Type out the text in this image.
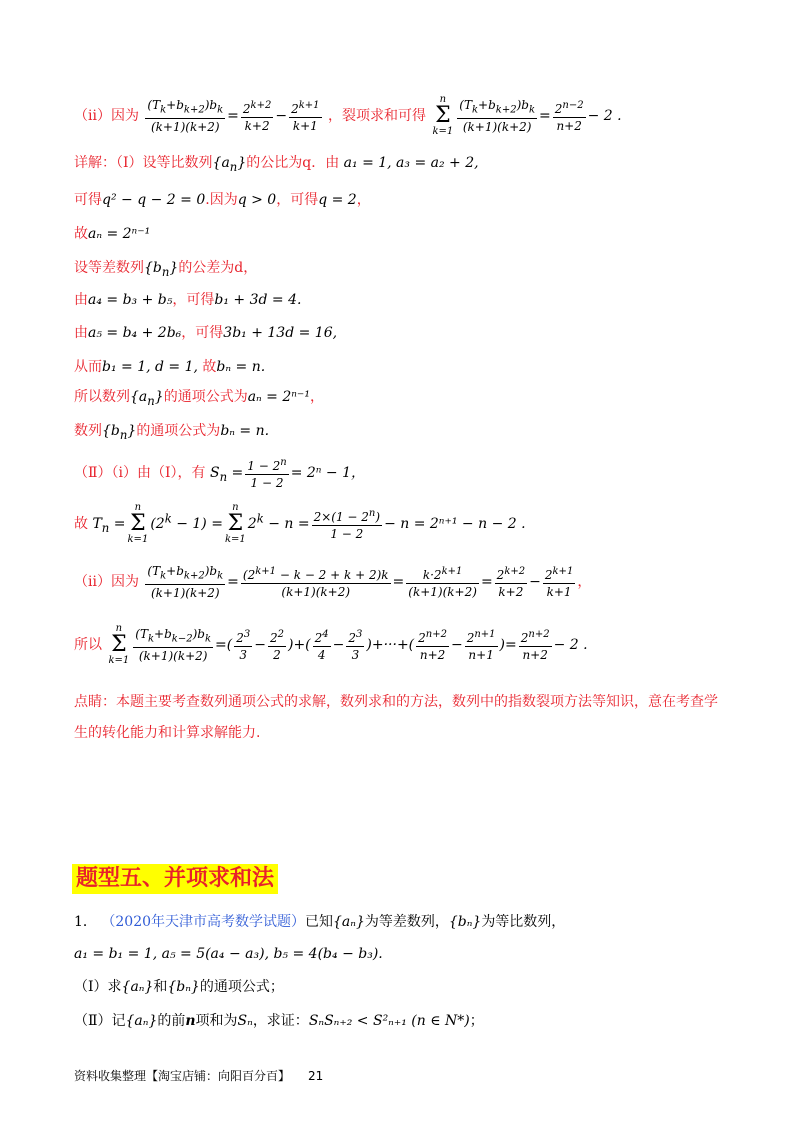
（ⅱ）因为 $\frac{(T_k+b_{k+2})b_k}{(k+1)(k+2)} = \frac{2^{k+2}}{k+2} - \frac{2^{k+1}}{k+1}$ ，裂项求和可得 n
Σ
$k=1 \frac{(T_k+b_{k+2})b_k}{(k+1)(k+2)} = \frac{2^{n-2}}{n+2} - 2$ .
详解：（Ⅰ）设等比数列$\{a_n\}$的公比为q．由 a₁ = 1, a₃ = a₂ + 2,
可得q² − q − 2 = 0.因为q > 0，可得q = 2，
故aₙ = 2ⁿ⁻¹
设等差数列$\{b_n\}$的公差为d，
由a₄ = b₃ + b₅，可得b₁ + 3d = 4.
由a₅ = b₄ + 2b₆，可得3b₁ + 13d = 16,
从而b₁ = 1, d = 1, 故bₙ = n.
所以数列$\{a_n\}$的通项公式为aₙ = 2ⁿ⁻¹，
数列$\{b_n\}$的通项公式为bₙ = n.
（Ⅱ）（ⅰ）由（Ⅰ），有 $S_n = \frac{1 - 2^n}{1 - 2} = 2^n - 1$，
故 $T_n =n$
Σ
$k=1(2^k - 1) =n$
Σ
$k=12^k - n = \frac{2\times(1 - 2^n)}{1 - 2} - n = 2^{n+1} - n - 2$ .
（ⅱ）因为 $\frac{(T_k+b_{k+2})b_k}{(k+1)(k+2)} = \frac{(2^{k+1} - k - 2 + k + 2)k}{(k+1)(k+2)} = \frac{k\cdot 2^{k+1}}{(k+1)(k+2)} = \frac{2^{k+2}}{k+2} - \frac{2^{k+1}}{k+1}$ ，
所以 n
Σ
$k=1 \frac{(T_k+b_{k-2})b_k}{(k+1)(k+2)}$ =( $\frac{2^3}{3} - \frac{2^2}{2}$ )+( $\frac{2^4}{4} - \frac{2^3}{3}$ )+···+( $\frac{2^{n+2}}{n+2} - \frac{2^{n+1}}{n+1}$ )= $\frac{2^{n+2}}{n+2} - 2$ .
点睛：本题主要考查数列通项公式的求解，数列求和的方法，数列中的指数裂项方法等知识，意在考查学
生的转化能力和计算求解能力.
题型五、并项求和法
1． （2020年天津市高考数学试题）已知{aₙ}为等差数列，{bₙ}为等比数列，
a₁ = b₁ = 1, a₅ = 5(a₄ − a₃), b₅ = 4(b₄ − b₃).
（Ⅰ）求{aₙ}和{bₙ}的通项公式；
（Ⅱ）记{aₙ}的前n项和为Sₙ，求证：SₙSₙ₊₂ < S²ₙ₊₁ (n ∈ N*)；
资料收集整理【淘宝店铺：向阳百分百】 21
